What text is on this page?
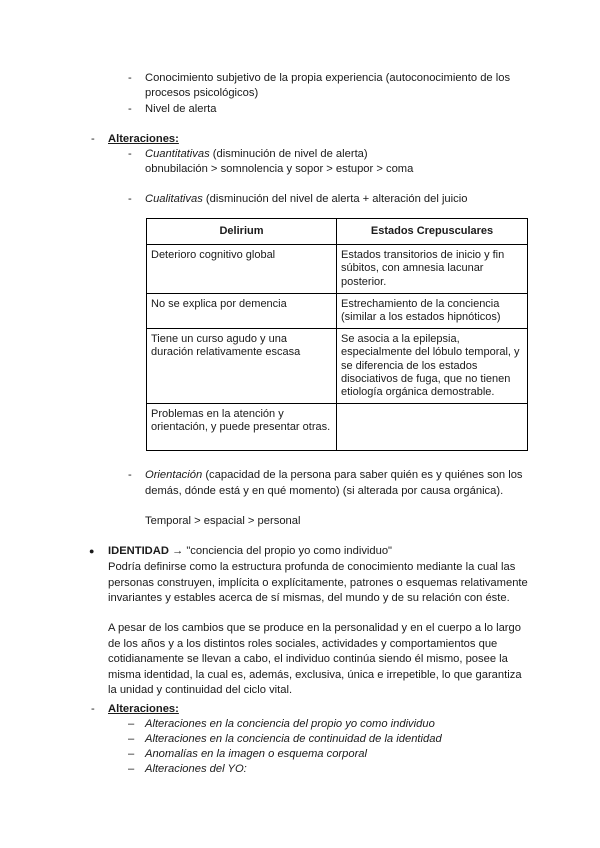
- Conocimiento subjetivo de la propia experiencia (autoconocimiento de los
procesos psicológicos)
- Nivel de alerta
- Alteraciones:
- Cuantitativas (disminución de nivel de alerta)
obnubilación > somnolencia y sopor > estupor > coma
- Cualitativas (disminución del nivel de alerta + alteración del juicio
Delirium	Estados Crepusculares
Deterioro cognitivo global	Estados transitorios de inicio y fin súbitos, con amnesia lacunar posterior.
No se explica por demencia	Estrechamiento de la conciencia (similar a los estados hipnóticos)
Tiene un curso agudo y una duración relativamente escasa	Se asocia a la epilepsia, especialmente del lóbulo temporal, y se diferencia de los estados disociativos de fuga, que no tienen etiología orgánica demostrable.
Problemas en la atención y orientación, y puede presentar otras.	
- Orientación (capacidad de la persona para saber quién es y quiénes son los
demás, dónde está y en qué momento) (si alterada por causa orgánica).
Temporal > espacial > personal
● IDENTIDAD → "conciencia del propio yo como individuo"
Podría definirse como la estructura profunda de conocimiento mediante la cual las personas construyen, implícita o explícitamente, patrones o esquemas relativamente invariantes y estables acerca de sí mismas, del mundo y de su relación con éste.
A pesar de los cambios que se produce en la personalidad y en el cuerpo a lo largo de los años y a los distintos roles sociales, actividades y comportamientos que cotidianamente se llevan a cabo, el individuo continúa siendo él mismo, posee la misma identidad, la cual es, además, exclusiva, única e irrepetible, lo que garantiza la unidad y continuidad del ciclo vital.
- Alteraciones:
– Alteraciones en la conciencia del propio yo como individuo
– Alteraciones en la conciencia de continuidad de la identidad
– Anomalías en la imagen o esquema corporal
– Alteraciones del YO:
